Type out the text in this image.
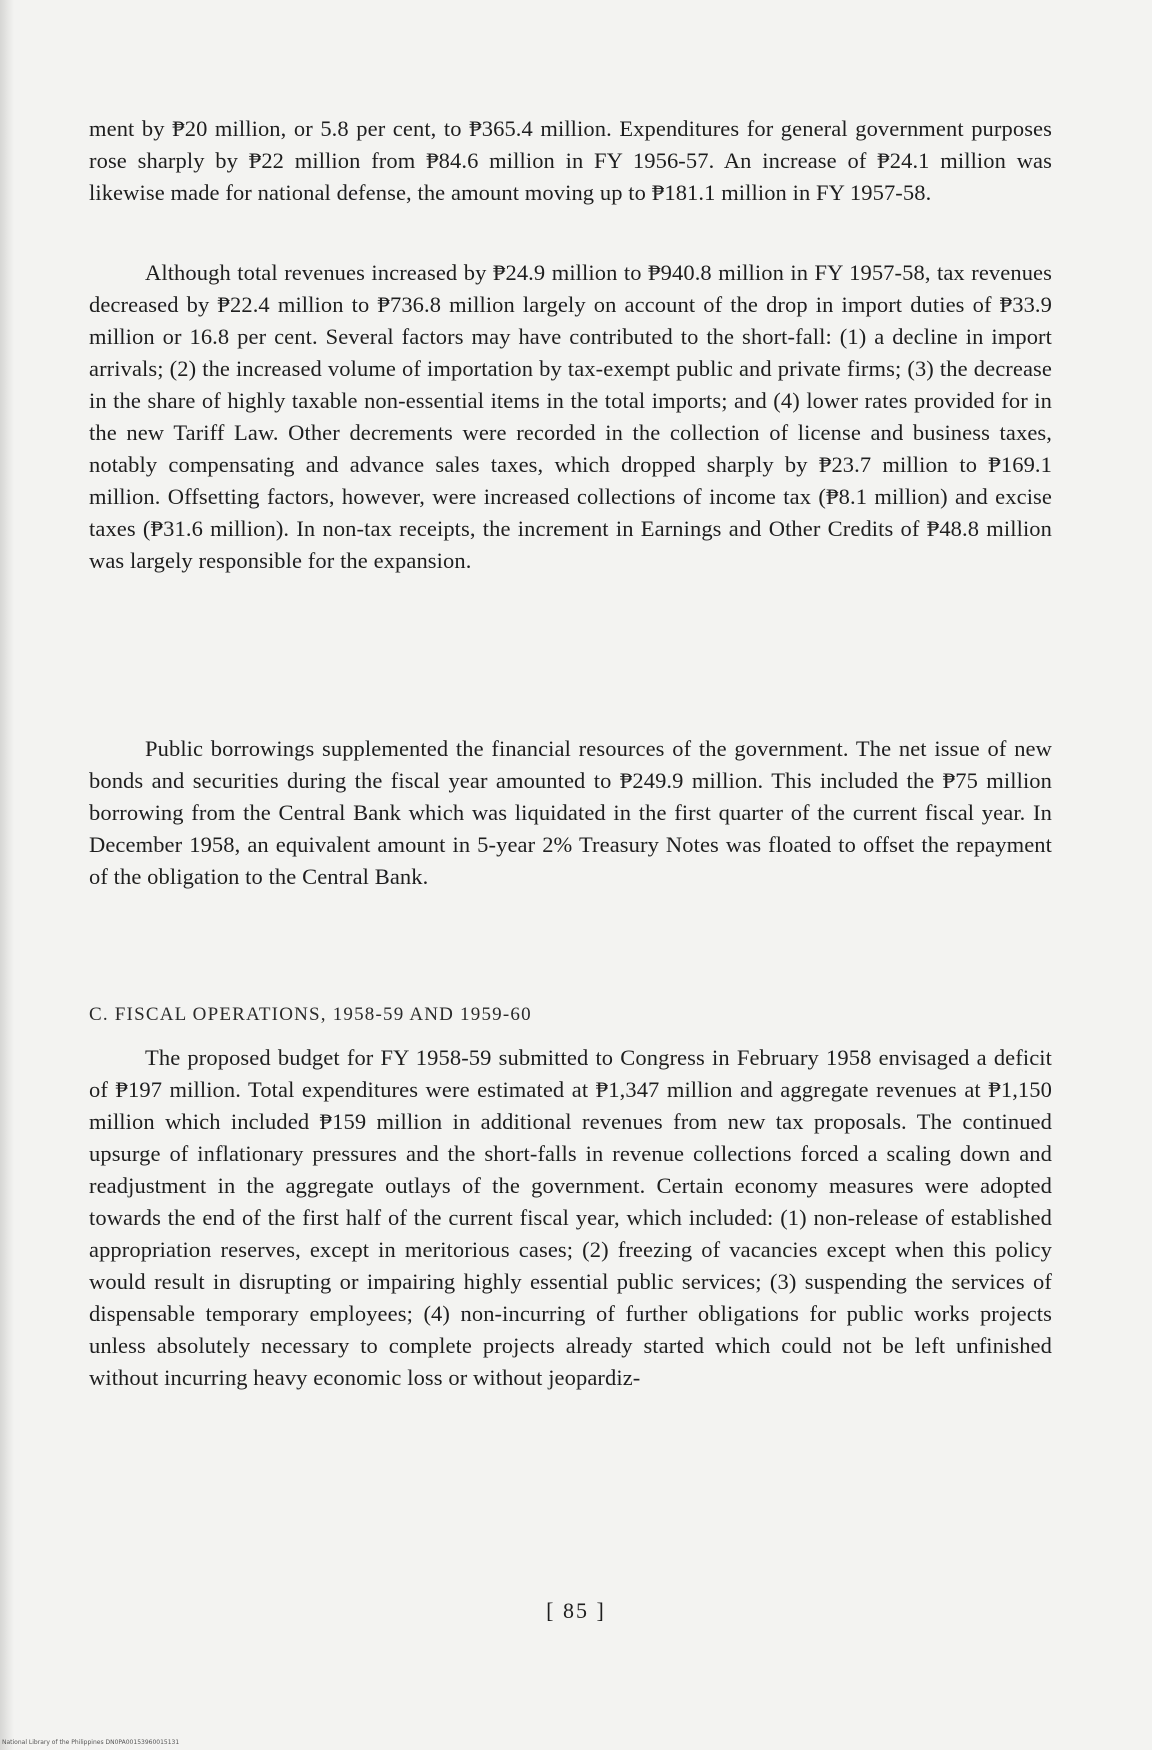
ment by ₱20 million, or 5.8 per cent, to ₱365.4 million. Expenditures for general government purposes rose sharply by ₱22 million from ₱84.6 million in FY 1956-57. An increase of ₱24.1 million was likewise made for national defense, the amount moving up to ₱181.1 million in FY 1957-58.

Although total revenues increased by ₱24.9 million to ₱940.8 million in FY 1957-58, tax revenues decreased by ₱22.4 million to ₱736.8 million largely on account of the drop in import duties of ₱33.9 million or 16.8 per cent. Several factors may have contributed to the short-fall: (1) a decline in import arrivals; (2) the increased volume of importation by tax-exempt public and private firms; (3) the decrease in the share of highly taxable non-essential items in the total imports; and (4) lower rates provided for in the new Tariff Law. Other decrements were recorded in the collection of license and business taxes, notably compensating and advance sales taxes, which dropped sharply by ₱23.7 million to ₱169.1 million. Offsetting factors, however, were increased collections of income tax (₱8.1 million) and excise taxes (₱31.6 million). In non-tax receipts, the increment in Earnings and Other Credits of ₱48.8 million was largely responsible for the expansion.

Public borrowings supplemented the financial resources of the government. The net issue of new bonds and securities during the fiscal year amounted to ₱249.9 million. This included the ₱75 million borrowing from the Central Bank which was liquidated in the first quarter of the current fiscal year. In December 1958, an equivalent amount in 5-year 2% Treasury Notes was floated to offset the repayment of the obligation to the Central Bank.

C. FISCAL OPERATIONS, 1958-59 AND 1959-60

The proposed budget for FY 1958-59 submitted to Congress in February 1958 envisaged a deficit of ₱197 million. Total expenditures were estimated at ₱1,347 million and aggregate revenues at ₱1,150 million which included ₱159 million in additional revenues from new tax proposals. The continued upsurge of inflationary pressures and the short-falls in revenue collections forced a scaling down and readjustment in the aggregate outlays of the government. Certain economy measures were adopted towards the end of the first half of the current fiscal year, which included: (1) non-release of established appropriation reserves, except in meritorious cases; (2) freezing of vacancies except when this policy would result in disrupting or impairing highly essential public services; (3) suspending the services of dispensable temporary employees; (4) non-incurring of further obligations for public works projects unless absolutely necessary to complete projects already started which could not be left unfinished without incurring heavy economic loss or without jeopardiz-

[ 85 ]
National Library of the Philippines DN0PA00153960015131
